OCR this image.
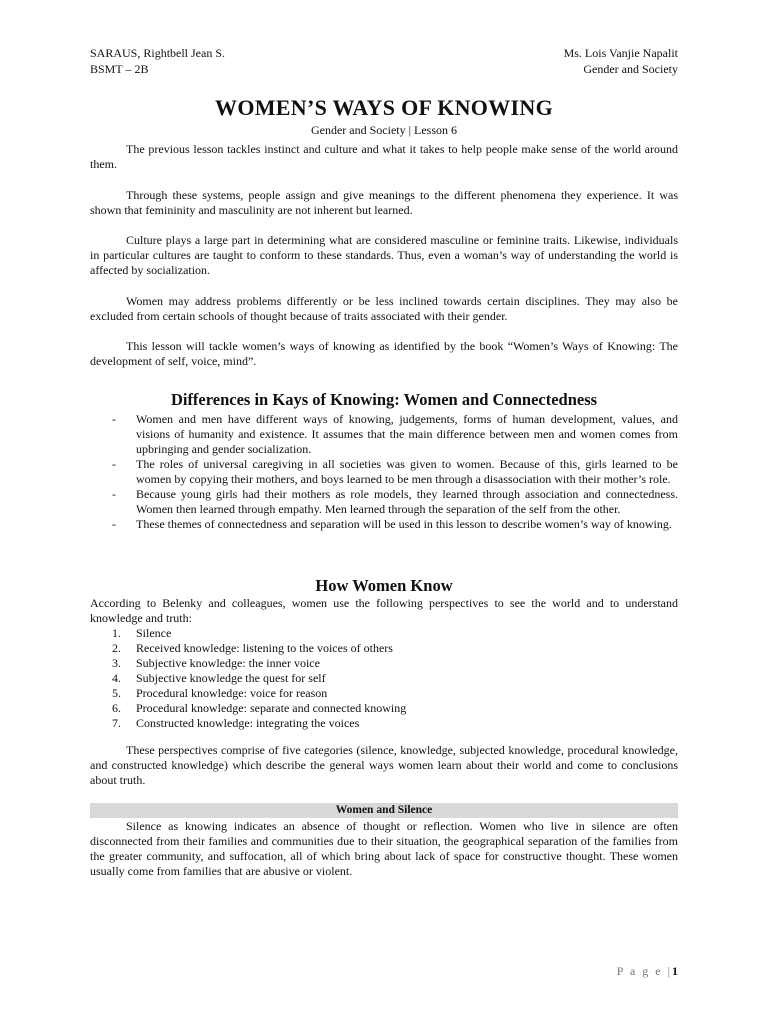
SARAUS, Rightbell Jean S.
BSMT – 2B
Ms. Lois Vanjie Napalit
Gender and Society
WOMEN’S WAYS OF KNOWING
Gender and Society | Lesson 6

The previous lesson tackles instinct and culture and what it takes to help people make sense of the world around them.

Through these systems, people assign and give meanings to the different phenomena they experience. It was shown that femininity and masculinity are not inherent but learned.

Culture plays a large part in determining what are considered masculine or feminine traits. Likewise, individuals in particular cultures are taught to conform to these standards. Thus, even a woman’s way of understanding the world is affected by socialization.

Women may address problems differently or be less inclined towards certain disciplines. They may also be excluded from certain schools of thought because of traits associated with their gender.

This lesson will tackle women’s ways of knowing as identified by the book “Women’s Ways of Knowing: The development of self, voice, mind”.

Differences in Kays of Knowing: Women and Connectedness
- Women and men have different ways of knowing, judgements, forms of human development, values, and visions of humanity and existence. It assumes that the main difference between men and women comes from upbringing and gender socialization.
- The roles of universal caregiving in all societies was given to women. Because of this, girls learned to be women by copying their mothers, and boys learned to be men through a disassociation with their mother’s role.
- Because young girls had their mothers as role models, they learned through association and connectedness. Women then learned through empathy. Men learned through the separation of the self from the other.
- These themes of connectedness and separation will be used in this lesson to describe women’s way of knowing.
How Women Know

According to Belenky and colleagues, women use the following perspectives to see the world and to understand knowledge and truth:

1. Silence
2. Received knowledge: listening to the voices of others
3. Subjective knowledge: the inner voice
4. Subjective knowledge the quest for self
5. Procedural knowledge: voice for reason
6. Procedural knowledge: separate and connected knowing
7. Constructed knowledge: integrating the voices

These perspectives comprise of five categories (silence, knowledge, subjected knowledge, procedural knowledge, and constructed knowledge) which describe the general ways women learn about their world and come to conclusions about truth.

Women and Silence

Silence as knowing indicates an absence of thought or reflection. Women who live in silence are often disconnected from their families and communities due to their situation, the geographical separation of the families from the greater community, and suffocation, all of which bring about lack of space for constructive thought. These women usually come from families that are abusive or violent.

P a g e |1
